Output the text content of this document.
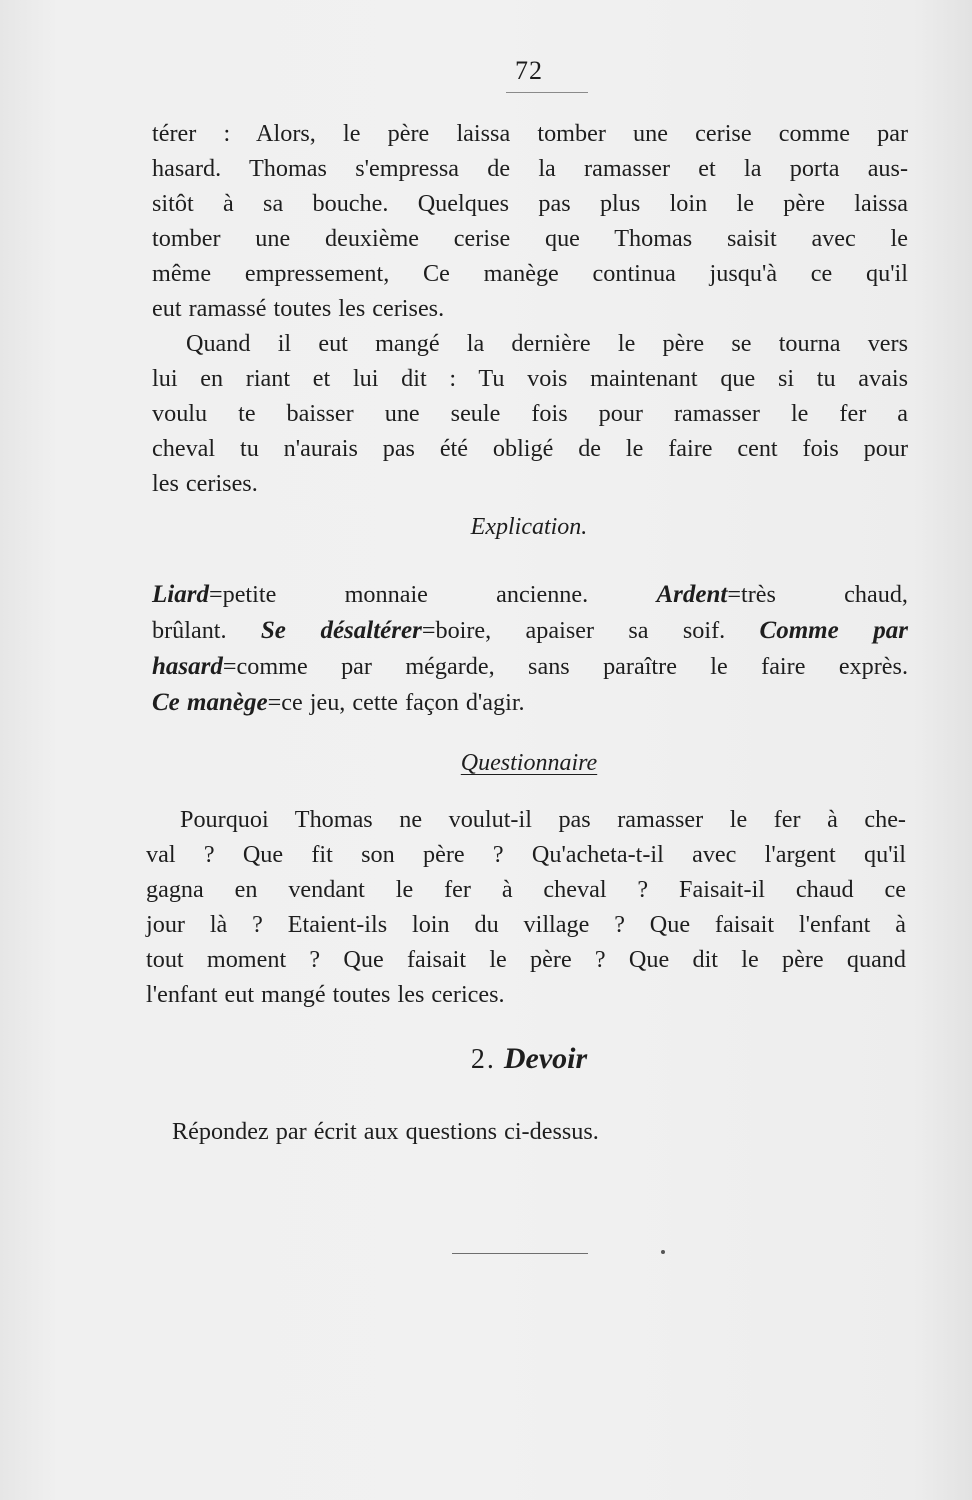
72
térer : Alors, le père laissa tomber une cerise comme par
hasard. Thomas s'empressa de la ramasser et la porta aus-
sitôt à sa bouche. Quelques pas plus loin le père laissa
tomber une deuxième cerise que Thomas saisit avec le
même empressement, Ce manège continua jusqu'à ce qu'il
eut ramassé toutes les cerises.
Quand il eut mangé la dernière le père se tourna vers
lui en riant et lui dit : Tu vois maintenant que si tu avais
voulu te baisser une seule fois pour ramasser le fer a
cheval tu n'aurais pas été obligé de le faire cent fois pour
les cerises.
Explication.
Liard=petite monnaie ancienne. Ardent=très chaud,
brûlant. Se désaltérer=boire, apaiser sa soif. Comme par
hasard=comme par mégarde, sans paraître le faire exprès.
Ce manège=ce jeu, cette façon d'agir.
Questionnaire
Pourquoi Thomas ne voulut-il pas ramasser le fer à che-
val ? Que fit son père ? Qu'acheta-t-il avec l'argent qu'il
gagna en vendant le fer à cheval ? Faisait-il chaud ce
jour là ? Etaient-ils loin du village ? Que faisait l'enfant à
tout moment ? Que faisait le père ? Que dit le père quand
l'enfant eut mangé toutes les cerices.
2. Devoir
Répondez par écrit aux questions ci-dessus.
